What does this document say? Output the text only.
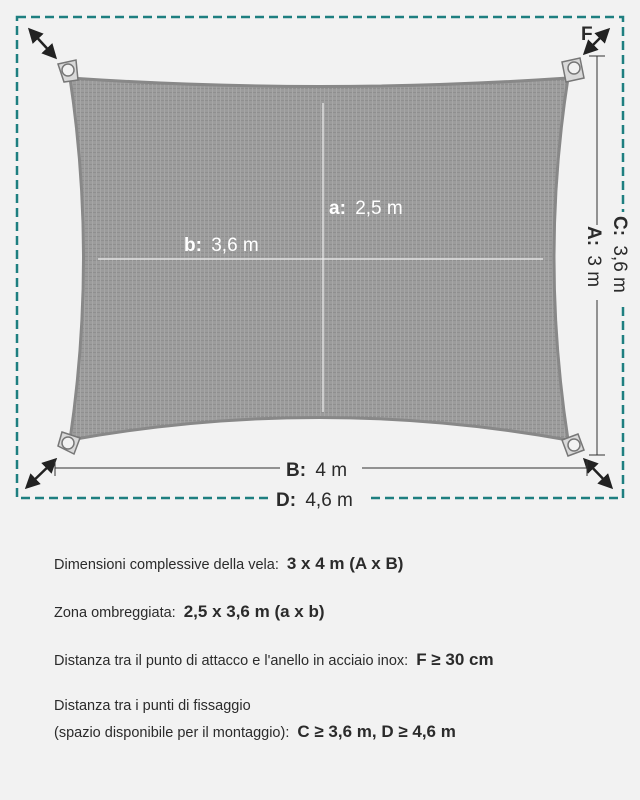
F
B: 4 m
D: 4,6 m
A: 3 m
C: 3,6 m
a: 2,5 m
b: 3,6 m
Dimensioni complessive della vela: 3 x 4 m (A x B)
Zona ombreggiata: 2,5 x 3,6 m (a x b)
Distanza tra il punto di attacco e l'anello in acciaio inox: F ≥ 30 cm
Distanza tra i punti di fissaggio
(spazio disponibile per il montaggio): C ≥ 3,6 m, D ≥ 4,6 m
